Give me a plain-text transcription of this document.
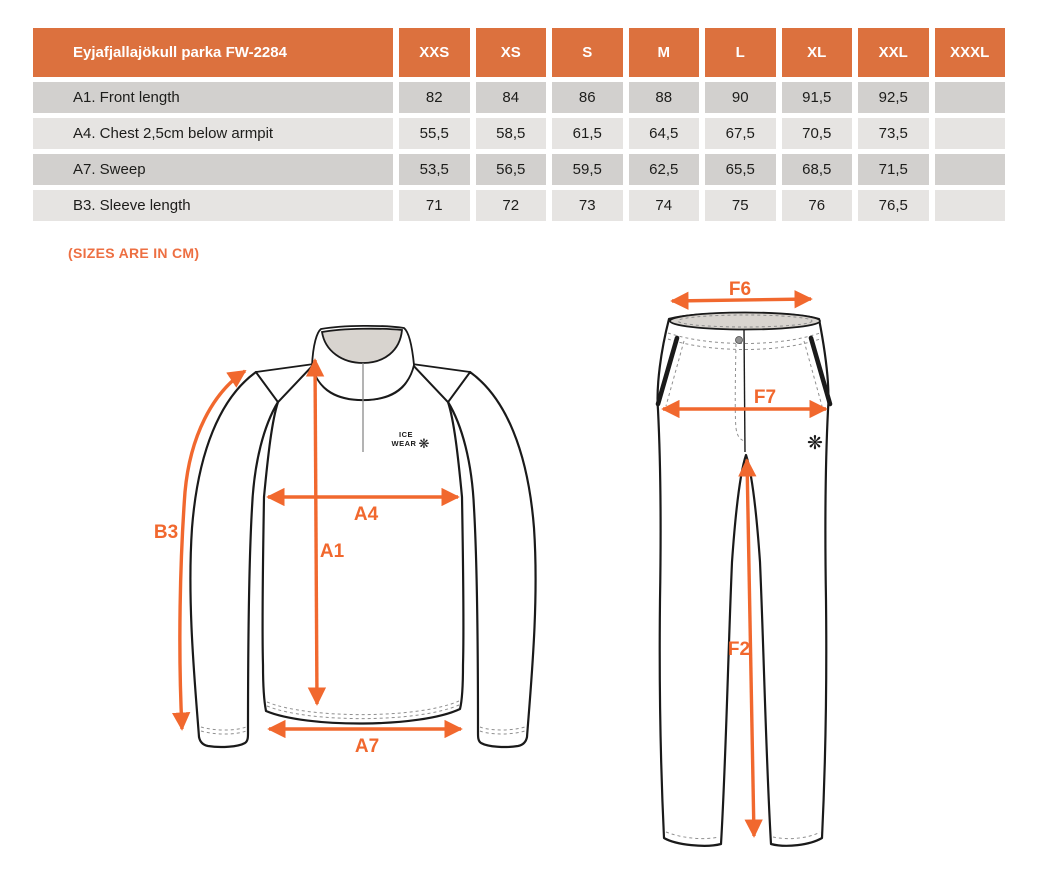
Eyjafjallajökull parka FW-2284	XXS	XS	S	M	L	XL	XXL	XXXL
A1. Front length	82	84	86	88	90	91,5	92,5	
A4. Chest 2,5cm below armpit	55,5	58,5	61,5	64,5	67,5	70,5	73,5	
A7. Sweep	53,5	56,5	59,5	62,5	65,5	68,5	71,5	
B3. Sleeve length	71	72	73	74	75	76	76,5	
(SIZES ARE IN CM)
ICE
WEAR ❋
B3
A1
A4
A7
❋
F6
F7
F2
